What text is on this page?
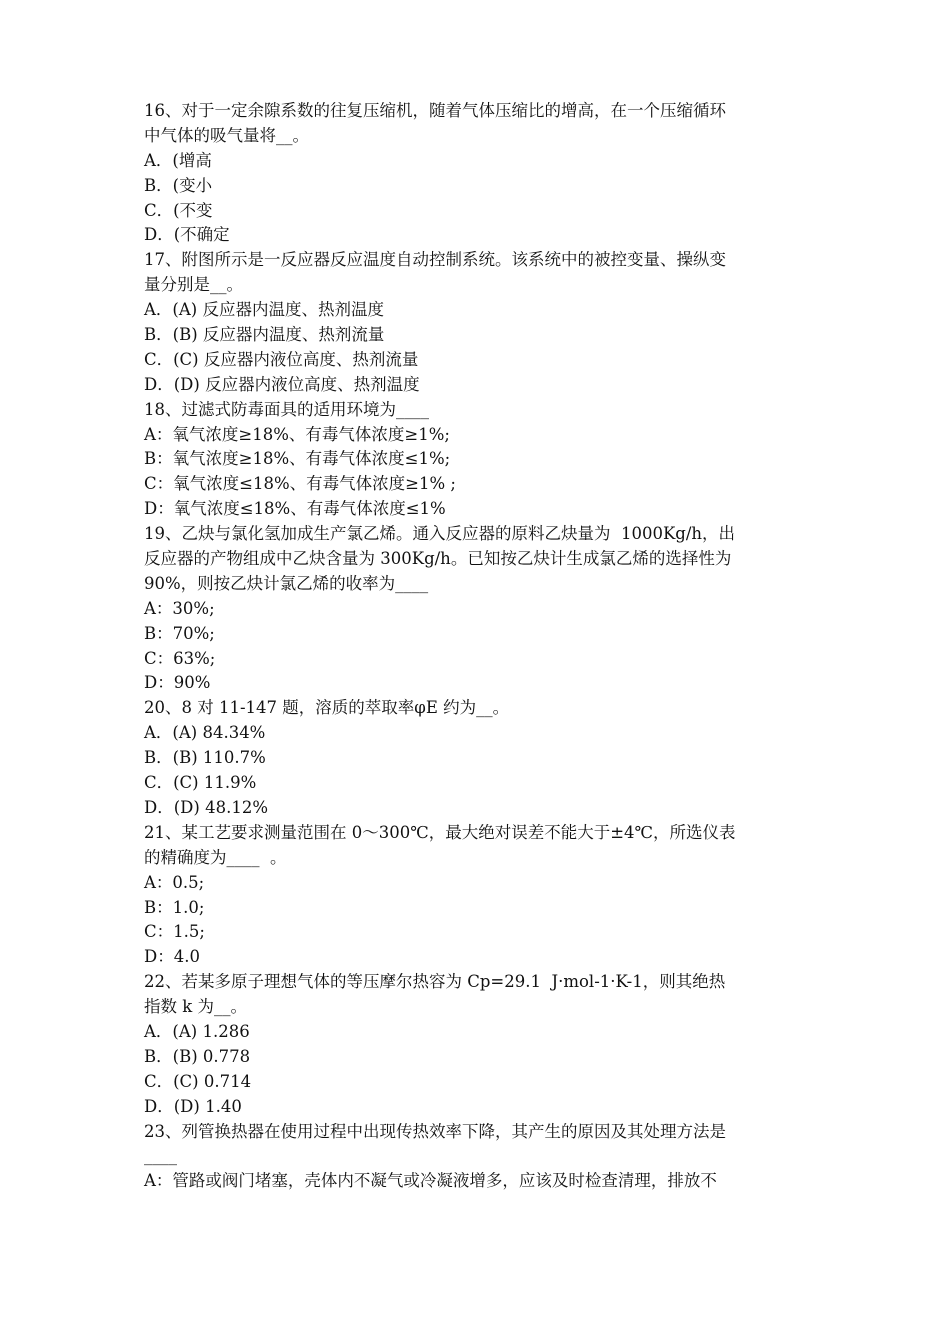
16、对于一定余隙系数的往复压缩机，随着气体压缩比的增高，在一个压缩循环
中气体的吸气量将__。
A．(增高
B．(变小
C．(不变
D．(不确定
17、附图所示是一反应器反应温度自动控制系统。该系统中的被控变量、操纵变
量分别是__。
A．(A) 反应器内温度、热剂温度
B．(B) 反应器内温度、热剂流量
C．(C) 反应器内液位高度、热剂流量
D．(D) 反应器内液位高度、热剂温度
18、过滤式防毒面具的适用环境为____
A：氧气浓度≥18%、有毒气体浓度≥1%;
B：氧气浓度≥18%、有毒气体浓度≤1%;
C：氧气浓度≤18%、有毒气体浓度≥1% ;
D：氧气浓度≤18%、有毒气体浓度≤1%
19、乙炔与氯化氢加成生产氯乙烯。通入反应器的原料乙炔量为  1000Kg/h，出
反应器的产物组成中乙炔含量为 300Kg/h。已知按乙炔计生成氯乙烯的选择性为
90%，则按乙炔计氯乙烯的收率为____
A：30%;
B：70%;
C：63%;
D：90%
20、8 对 11-147 题，溶质的萃取率φE 约为__。
A．(A) 84.34%
B．(B) 110.7%
C．(C) 11.9%
D．(D) 48.12%
21、某工艺要求测量范围在 0～300℃，最大绝对误差不能大于±4℃，所选仪表
的精确度为____  。
A：0.5;
B：1.0;
C：1.5;
D：4.0
22、若某多原子理想气体的等压摩尔热容为 Cp=29.1  J·mol-1·K-1，则其绝热
指数 k 为__。
A．(A) 1.286
B．(B) 0.778
C．(C) 0.714
D．(D) 1.40
23、列管换热器在使用过程中出现传热效率下降，其产生的原因及其处理方法是
____
A：管路或阀门堵塞，壳体内不凝气或冷凝液增多，应该及时检查清理，排放不
